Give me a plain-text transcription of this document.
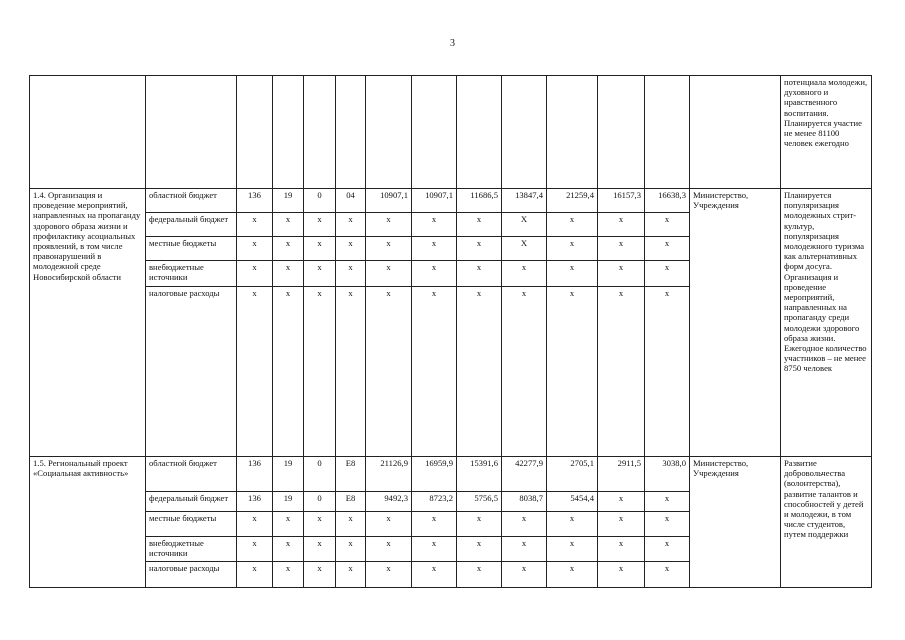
3
														потенциала молодежи, духовного и нравственного воспитания. Планируется участие не менее 81100 человек ежегодно
1.4. Организация и проведение мероприятий, направленных на пропаганду здорового образа жизни и профилактику асоциальных проявлений, в том числе правонарушений в молодежной среде Новосибирской области	областной бюджет	136	19	0	04	10907,1	10907,1	11686,5	13847,4	21259,4	16157,3	16638,3	Министерство, Учреждения	Планируется популяризация молодежных стрит-культур, популяризация молодежного туризма как альтернативных форм досуга. Организация и проведение мероприятий, направленных на пропаганду среди молодежи здорового образа жизни. Ежегодное количество участников – не менее 8750 человек
	федеральный бюджет	х	х	х	х	х	х	х	Х	х	х	х		
	местные бюджеты	х	х	х	х	х	х	х	Х	х	х	х		
	внебюджетные источники	х	х	х	х	х	х	х	х	х	х	х		
	налоговые расходы	х	х	х	х	х	х	х	х	х	х	х		
1.5. Региональный проект «Социальная активность»	областной бюджет	136	19	0	Е8	21126,9	16959,9	15391,6	42277,9	2705,1	2911,5	3038,0	Министерство, Учреждения	Развитие добровольчества (волонтерства), развитие талантов и способностей у детей и молодежи, в том числе студентов, путем поддержки
	федеральный бюджет	136	19	0	Е8	9492,3	8723,2	5756,5	8038,7	5454,4	х	х		
	местные бюджеты	х	х	х	х	х	х	х	х	х	х	х		
	внебюджетные источники	х	х	х	х	х	х	х	х	х	х	х		
	налоговые расходы	х	х	х	х	х	х	х	х	х	х	х		
